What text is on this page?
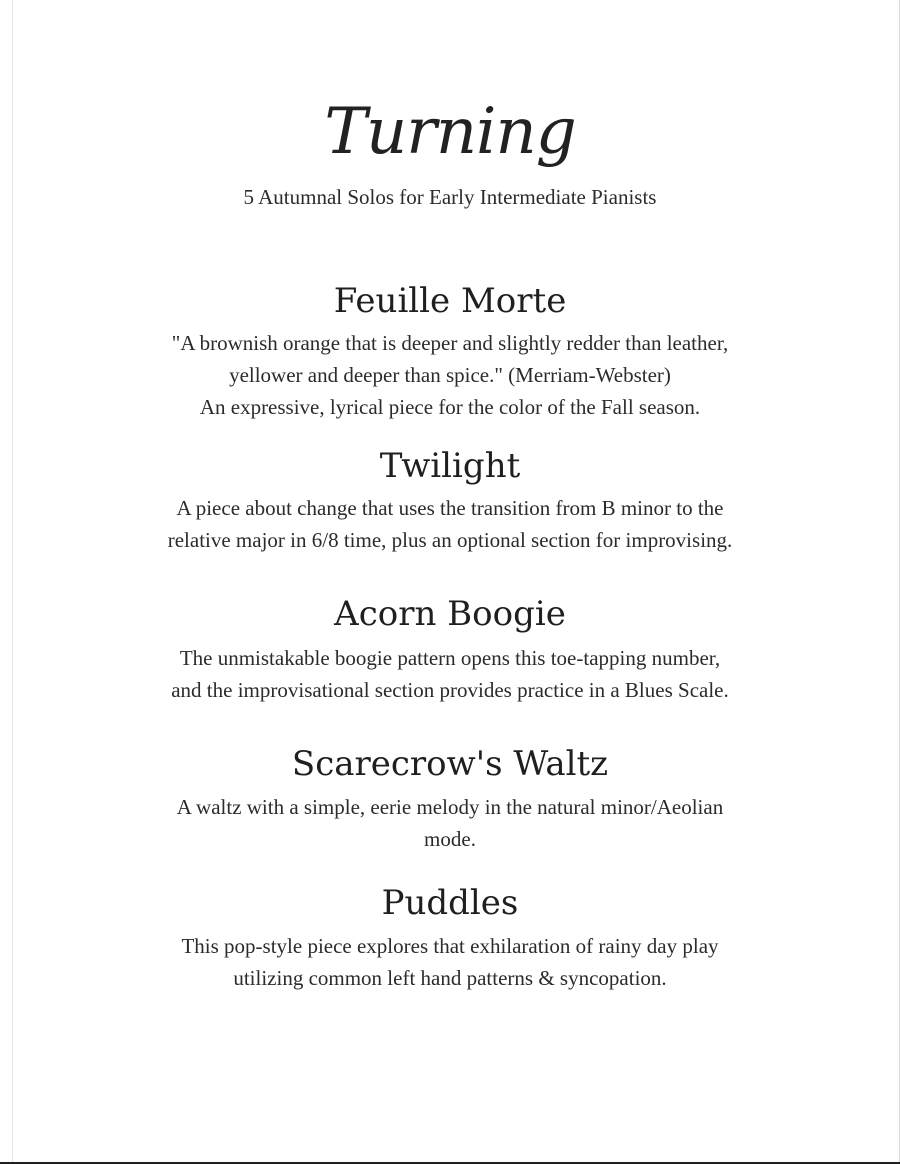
Turning
5 Autumnal Solos for Early Intermediate Pianists
Feuille Morte
"A brownish orange that is deeper and slightly redder than leather,
yellower and deeper than spice." (Merriam-Webster)
An expressive, lyrical piece for the color of the Fall season.
Twilight
A piece about change that uses the transition from B minor to the
relative major in 6/8 time, plus an optional section for improvising.
Acorn Boogie
The unmistakable boogie pattern opens this toe-tapping number,
and the improvisational section provides practice in a Blues Scale.
Scarecrow's Waltz
A waltz with a simple, eerie melody in the natural minor/Aeolian
mode.
Puddles
This pop-style piece explores that exhilaration of rainy day play
utilizing common left hand patterns & syncopation.
